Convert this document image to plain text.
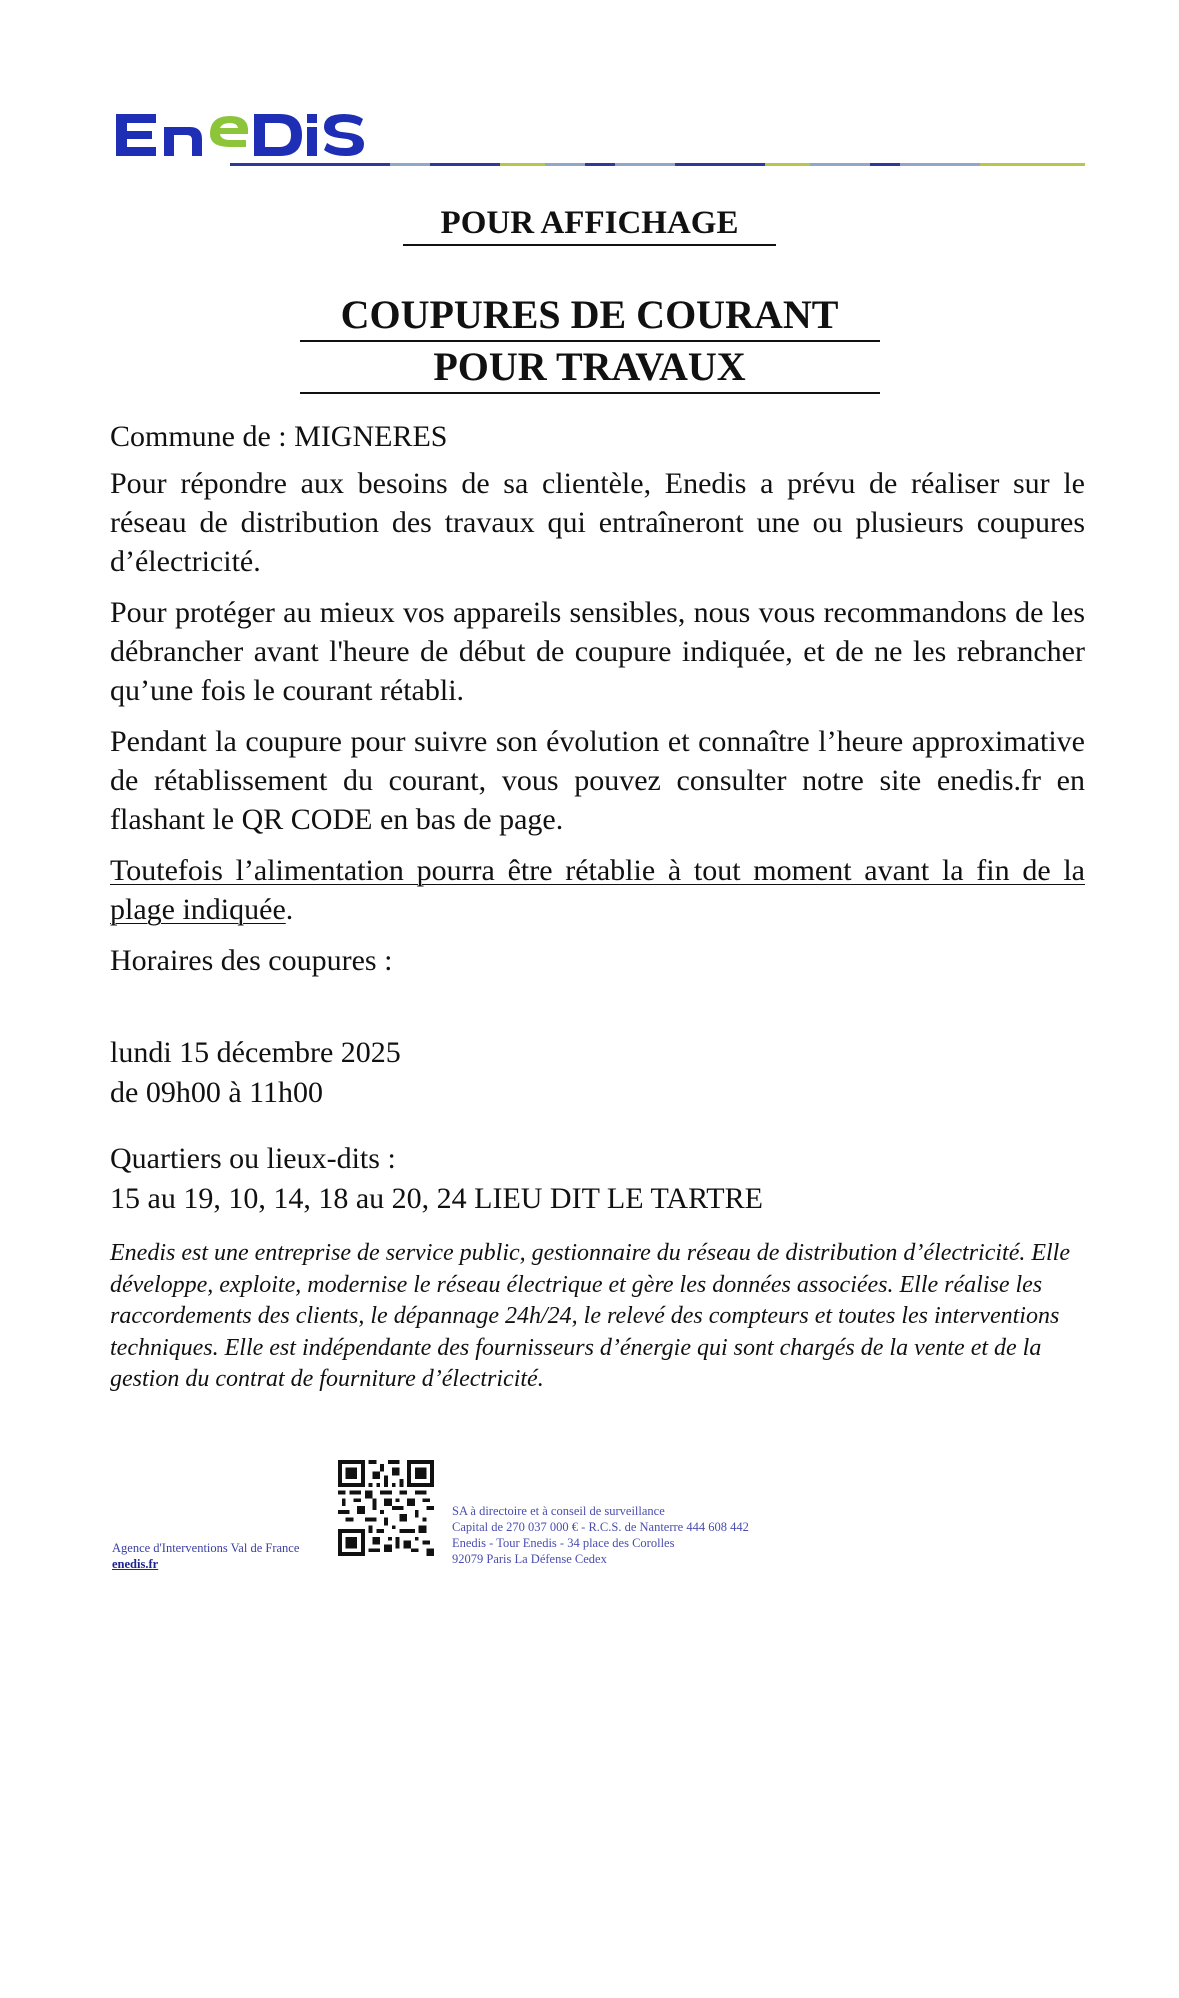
POUR AFFICHAGE
COUPURES DE COURANT
POUR TRAVAUX

Commune de : MIGNERES

Pour répondre aux besoins de sa clientèle, Enedis a prévu de réaliser sur le réseau de distribution des travaux qui entraîneront une ou plusieurs coupures d’électricité.

Pour protéger au mieux vos appareils sensibles, nous vous recommandons de les débrancher avant l'heure de début de coupure indiquée, et de ne les rebrancher qu’une fois le courant rétabli.

Pendant la coupure pour suivre son évolution et connaître l’heure approximative de rétablissement du courant, vous pouvez consulter notre site enedis.fr en flashant le QR CODE en bas de page.

Toutefois l’alimentation pourra être rétablie à tout moment avant la fin de la plage indiquée.

Horaires des coupures :

lundi 15 décembre 2025
de 09h00 à 11h00
Quartiers ou lieux-dits :
15 au 19, 10, 14, 18 au 20, 24 LIEU DIT LE TARTRE
Enedis est une entreprise de service public, gestionnaire du réseau de distribution d’électricité. Elle développe, exploite, modernise le réseau électrique et gère les données associées. Elle réalise les raccordements des clients, le dépannage 24h/24, le relevé des compteurs et toutes les interventions techniques. Elle est indépendante des fournisseurs d’énergie qui sont chargés de la vente et de la gestion du contrat de fourniture d’électricité.
Agence d'Interventions Val de France
enedis.fr
SA à directoire et à conseil de surveillance
Capital de 270 037 000 € - R.C.S. de Nanterre 444 608 442
Enedis - Tour Enedis - 34 place des Corolles
92079 Paris La Défense Cedex
